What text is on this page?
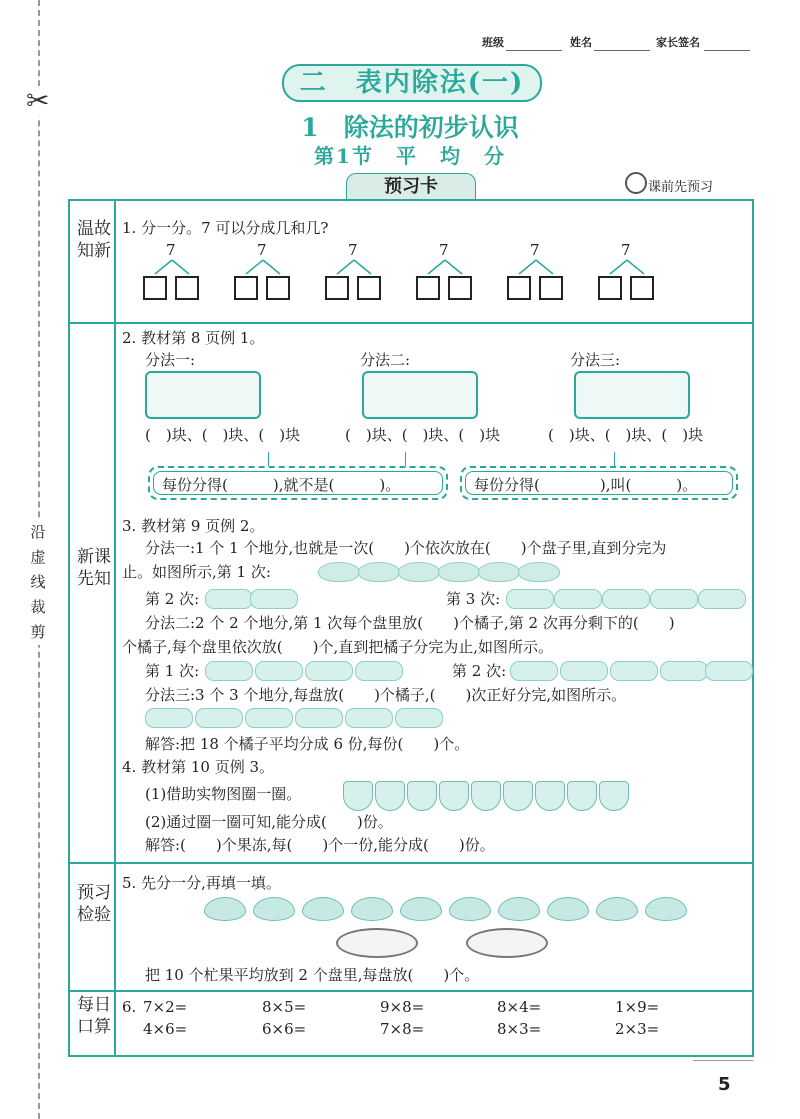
✂
沿虚线裁剪
班级	姓名	家长签名
二　表内除法(一)
1　除法的初步认识
第1节　平　均　分
预习卡	课前先预习
温故知新
新课先知
预习检验
每日口算
1. 分一分。7 可以分成几和几?
2. 教材第 8 页例 1。
分法一:	分法二:	分法三:
(　)块、(　)块、(　)块	(　)块、(　)块、(　)块	(　)块、(　)块、(　)块
每份分得(　　　),就不是(　　　)。	每份分得(　　　　),叫(　　　)。
3. 教材第 9 页例 2。
分法一:1 个 1 个地分,也就是一次(　　)个依次放在(　　)个盘子里,直到分完为
止。如图所示,第 1 次:
第 2 次:	第 3 次:
分法二:2 个 2 个地分,第 1 次每个盘里放(　　)个橘子,第 2 次再分剩下的(　　)
个橘子,每个盘里依次放(　　)个,直到把橘子分完为止,如图所示。
第 1 次:	第 2 次:
分法三:3 个 3 个地分,每盘放(　　)个橘子,(　　)次正好分完,如图所示。
解答:把 18 个橘子平均分成 6 份,每份(　　)个。
4. 教材第 10 页例 3。
(1)借助实物图圈一圈。
(2)通过圈一圈可知,能分成(　　)份。
解答:(　　)个果冻,每(　　)个一份,能分成(　　)份。
5. 先分一分,再填一填。
把 10 个杧果平均放到 2 个盘里,每盘放(　　)个。
6.
5
7	7	7	7	7	7
7×2=	8×5=	9×8=	8×4=	1×9=
4×6=	6×6=	7×8=	8×3=	2×3=
